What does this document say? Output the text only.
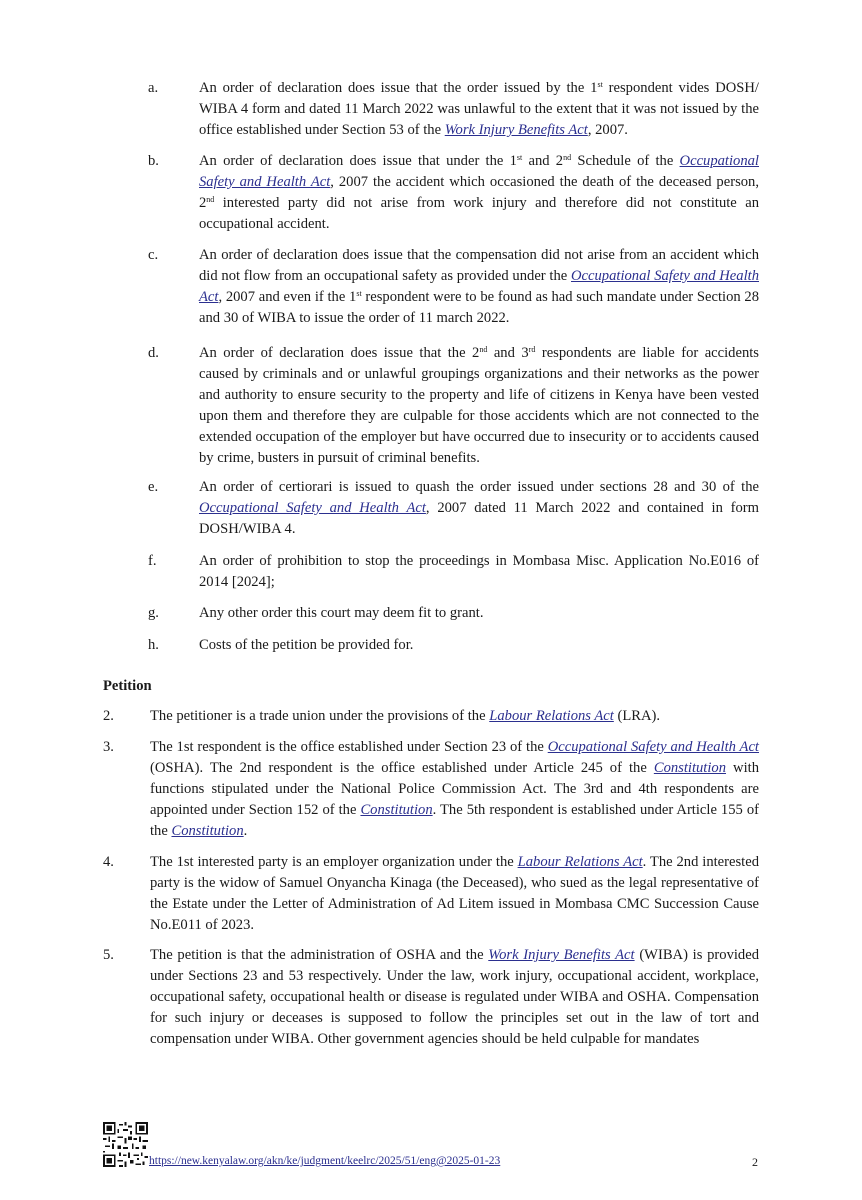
a.	An order of declaration does issue that the order issued by the 1st respondent vides DOSH/ WIBA 4 form and dated 11 March 2022 was unlawful to the extent that it was not issued by the office established under Section 53 of the Work Injury Benefits Act, 2007.
b.	An order of declaration does issue that under the 1st and 2nd Schedule of the Occupational Safety and Health Act, 2007 the accident which occasioned the death of the deceased person, 2nd interested party did not arise from work injury and therefore did not constitute an occupational accident.
c.	An order of declaration does issue that the compensation did not arise from an accident which did not flow from an occupational safety as provided under the Occupational Safety and Health Act, 2007 and even if the 1st respondent were to be found as had such mandate under Section 28 and 30 of WIBA to issue the order of 11 march 2022.
d.	An order of declaration does issue that the 2nd and 3rd respondents are liable for accidents caused by criminals and or unlawful groupings organizations and their networks as the power and authority to ensure security to the property and life of citizens in Kenya have been vested upon them and therefore they are culpable for those accidents which are not connected to the extended occupation of the employer but have occurred due to insecurity or to accidents caused by crime, busters in pursuit of criminal benefits.
e.	An order of certiorari is issued to quash the order issued under sections 28 and 30 of the Occupational Safety and Health Act, 2007 dated 11 March 2022 and contained in form DOSH/WIBA 4.
f.	An order of prohibition to stop the proceedings in Mombasa Misc. Application No.E016 of 2014 [2024];
g.	Any other order this court may deem fit to grant.
h.	Costs of the petition be provided for.
Petition
2. The petitioner is a trade union under the provisions of the Labour Relations Act (LRA).
3. The 1st respondent is the office established under Section 23 of the Occupational Safety and Health Act (OSHA). The 2nd respondent is the office established under Article 245 of the Constitution with functions stipulated under the National Police Commission Act. The 3rd and 4th respondents are appointed under Section 152 of the Constitution. The 5th respondent is established under Article 155 of the Constitution.
4. The 1st interested party is an employer organization under the Labour Relations Act. The 2nd interested party is the widow of Samuel Onyancha Kinaga (the Deceased), who sued as the legal representative of the Estate under the Letter of Administration of Ad Litem issued in Mombasa CMC Succession Cause No.E011 of 2023.
5. The petition is that the administration of OSHA and the Work Injury Benefits Act (WIBA) is provided under Sections 23 and 53 respectively. Under the law, work injury, occupational accident, workplace, occupational safety, occupational health or disease is regulated under WIBA and OSHA. Compensation for such injury or deceases is supposed to follow the principles set out in the law of tort and compensation under WIBA. Other government agencies should be held culpable for mandates
https://new.kenyalaw.org/akn/ke/judgment/keelrc/2025/51/eng@2025-01-23	2
